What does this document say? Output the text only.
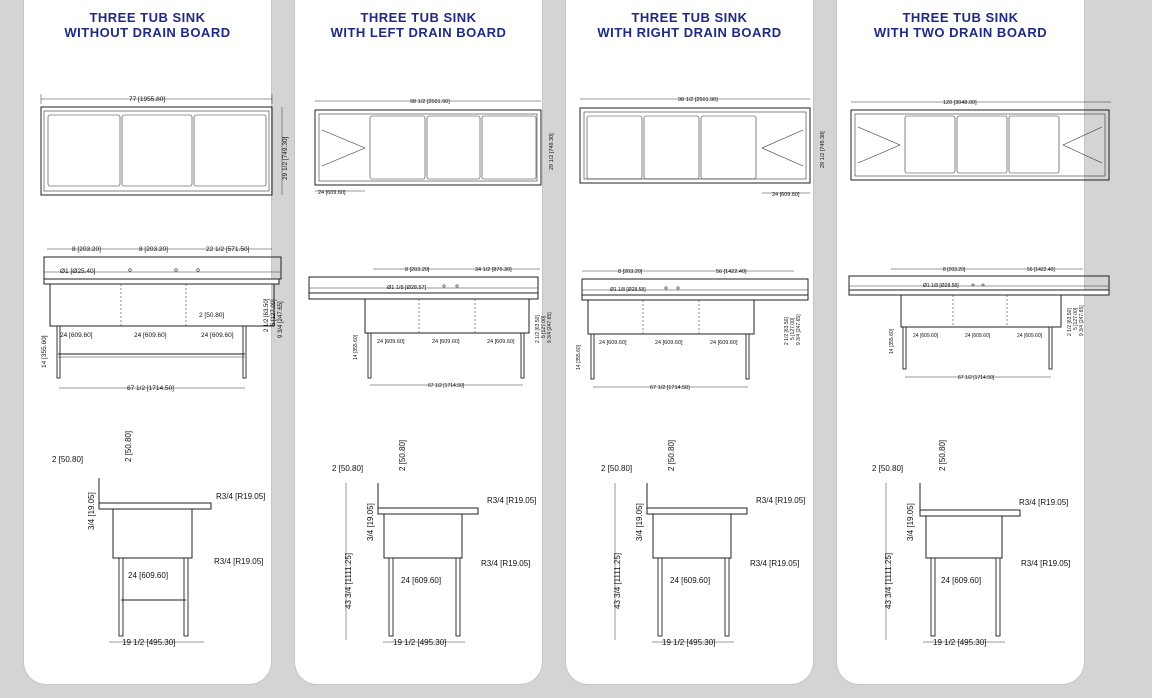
THREE TUB SINK
WITHOUT DRAIN BOARD
77 [1955.80]
29 1/2 [749.30]
8 [203.20]	8 [203.20]	22 1/2 [571.50]
Ø1 [Ø25.40]
2 [50.80]
24 [609.60]	24 [609.60]	24 [609.60]
14 [355.60]
2 1/2 [63.50] 5 [127.00] 9 3/4 [247.65]
67 1/2 [1714.50]
2 [50.80]	2 [50.80]
3/4 [19.05]	R3/4 [R19.05]
R3/4 [R19.05]
24 [609.60]
19 1/2 [495.30]
THREE TUB SINK
WITH LEFT DRAIN BOARD
98 1/2 [2501.90]
29 1/2 [749.30]
24 [609.60]
8 [203.20]	34 1/2 [876.30]
Ø1 1/8 [Ø28.57]
24 [609.60]	24 [609.60]	24 [609.60]
14 [355.60]
2 1/2 [63.50] 5 [127.00] 9 3/4 [247.65]
67 1/2 [1714.50]
2 [50.80]	2 [50.80]
3/4 [19.05]
43 3/4 [1111.25]
R3/4 [R19.05]
R3/4 [R19.05]
24 [609.60]
19 1/2 [495.30]
THREE TUB SINK
WITH RIGHT DRAIN BOARD
98 1/2 [2501.90]
29 1/2 [749.30]
24 [609.60]
8 [203.20]	56 [1422.40]
Ø1 1/8 [Ø28.58]
24 [609.60]	24 [609.60]	24 [609.60]
14 [355.60]
2 1/2 [63.50] 5 [127.00] 9 3/4 [247.65]
67 1/2 [1714.50]
2 [50.80]	2 [50.80]
3/4 [19.05]
43 3/4 [1111.25]
R3/4 [R19.05]
R3/4 [R19.05]
24 [609.60]
19 1/2 [495.30]
THREE TUB SINK
WITH TWO DRAIN BOARD
120 [3048.00]
8 [203.20]	56 [1422.40]
Ø1 1/8 [Ø28.58]
24 [609.60]	24 [609.60]	24 [609.60]
14 [355.60]
2 1/2 [63.50] 5 [127.00] 9 3/4 [247.65]
67 1/2 [1714.50]
2 [50.80]	2 [50.80]
3/4 [19.05]
43 3/4 [1111.25]
R3/4 [R19.05]
R3/4 [R19.05]
24 [609.60]
19 1/2 [495.30]
